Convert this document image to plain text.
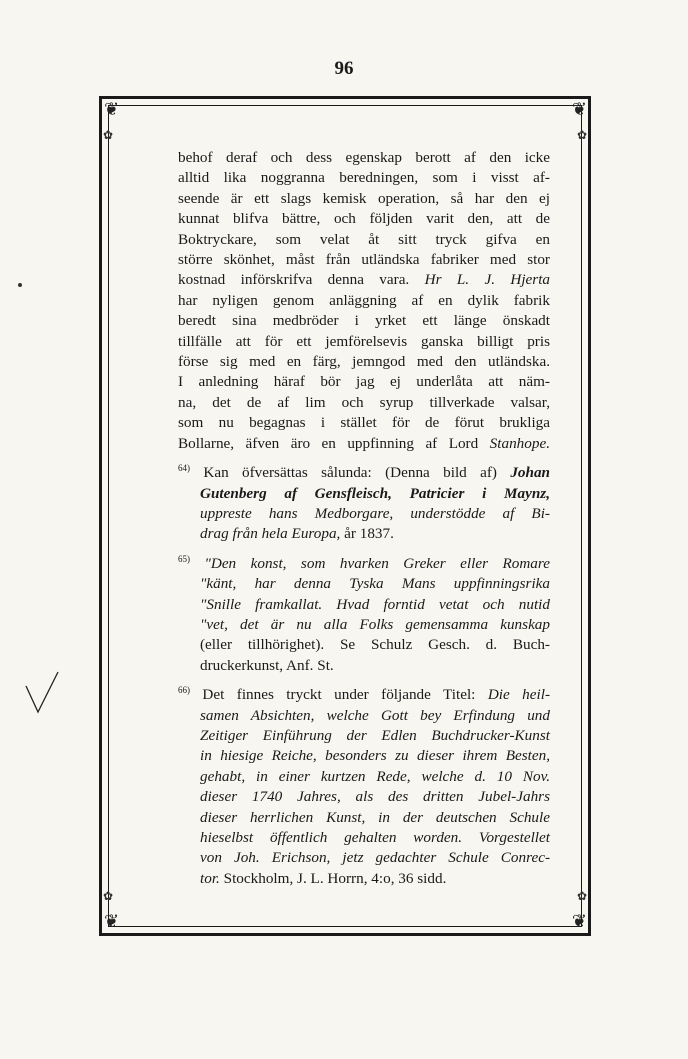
96
❦	❦
❦	❦
✿	✿
✿	✿
behof deraf och dess egenskap berott af den icke
alltid lika noggranna beredningen, som i visst af-
seende är ett slags kemisk operation, så har den ej
kunnat blifva bättre, och följden varit den, att de
Boktryckare, som velat åt sitt tryck gifva en
större skönhet, måst från utländska fabriker med stor
kostnad införskrifva denna vara. Hr L. J. Hjerta
har nyligen genom anläggning af en dylik fabrik
beredt sina medbröder i yrket ett länge önskadt
tillfälle att för ett jemförelsevis ganska billigt pris
förse sig med en färg, jemngod med den utländska.
I anledning häraf bör jag ej underlåta att näm-
na, det de af lim och syrup tillverkade valsar,
som nu begagnas i stället för de förut brukliga
Bollarne, äfven äro en uppfinning af Lord Stanhope.
$^{64)}$ Kan öfversättas sålunda: (Denna bild af) Johan
Gutenberg af Gensfleisch, Patricier i Maynz,
uppreste hans Medborgare, understödde af Bi-
drag från hela Europa, år 1837.
$^{65)}$ "Den konst, som hvarken Greker eller Romare
"känt, har denna Tyska Mans uppfinningsrika
"Snille framkallat. Hvad forntid vetat och nutid
"vet, det är nu alla Folks gemensamma kunskap
(eller tillhörighet). Se Schulz Gesch. d. Buch-
druckerkunst, Anf. St.
$^{66)}$ Det finnes tryckt under följande Titel: Die heil-
samen Absichten, welche Gott bey Erfindung und
Zeitiger Einführung der Edlen Buchdrucker-Kunst
in hiesige Reiche, besonders zu dieser ihrem Besten,
gehabt, in einer kurtzen Rede, welche d. 10 Nov.
dieser 1740 Jahres, als des dritten Jubel-Jahrs
dieser herrlichen Kunst, in der deutschen Schule
hieselbst öffentlich gehalten worden. Vorgestellet
von Joh. Erichson, jetz gedachter Schule Conrec-
tor. Stockholm, J. L. Horrn, 4:o, 36 sidd.
